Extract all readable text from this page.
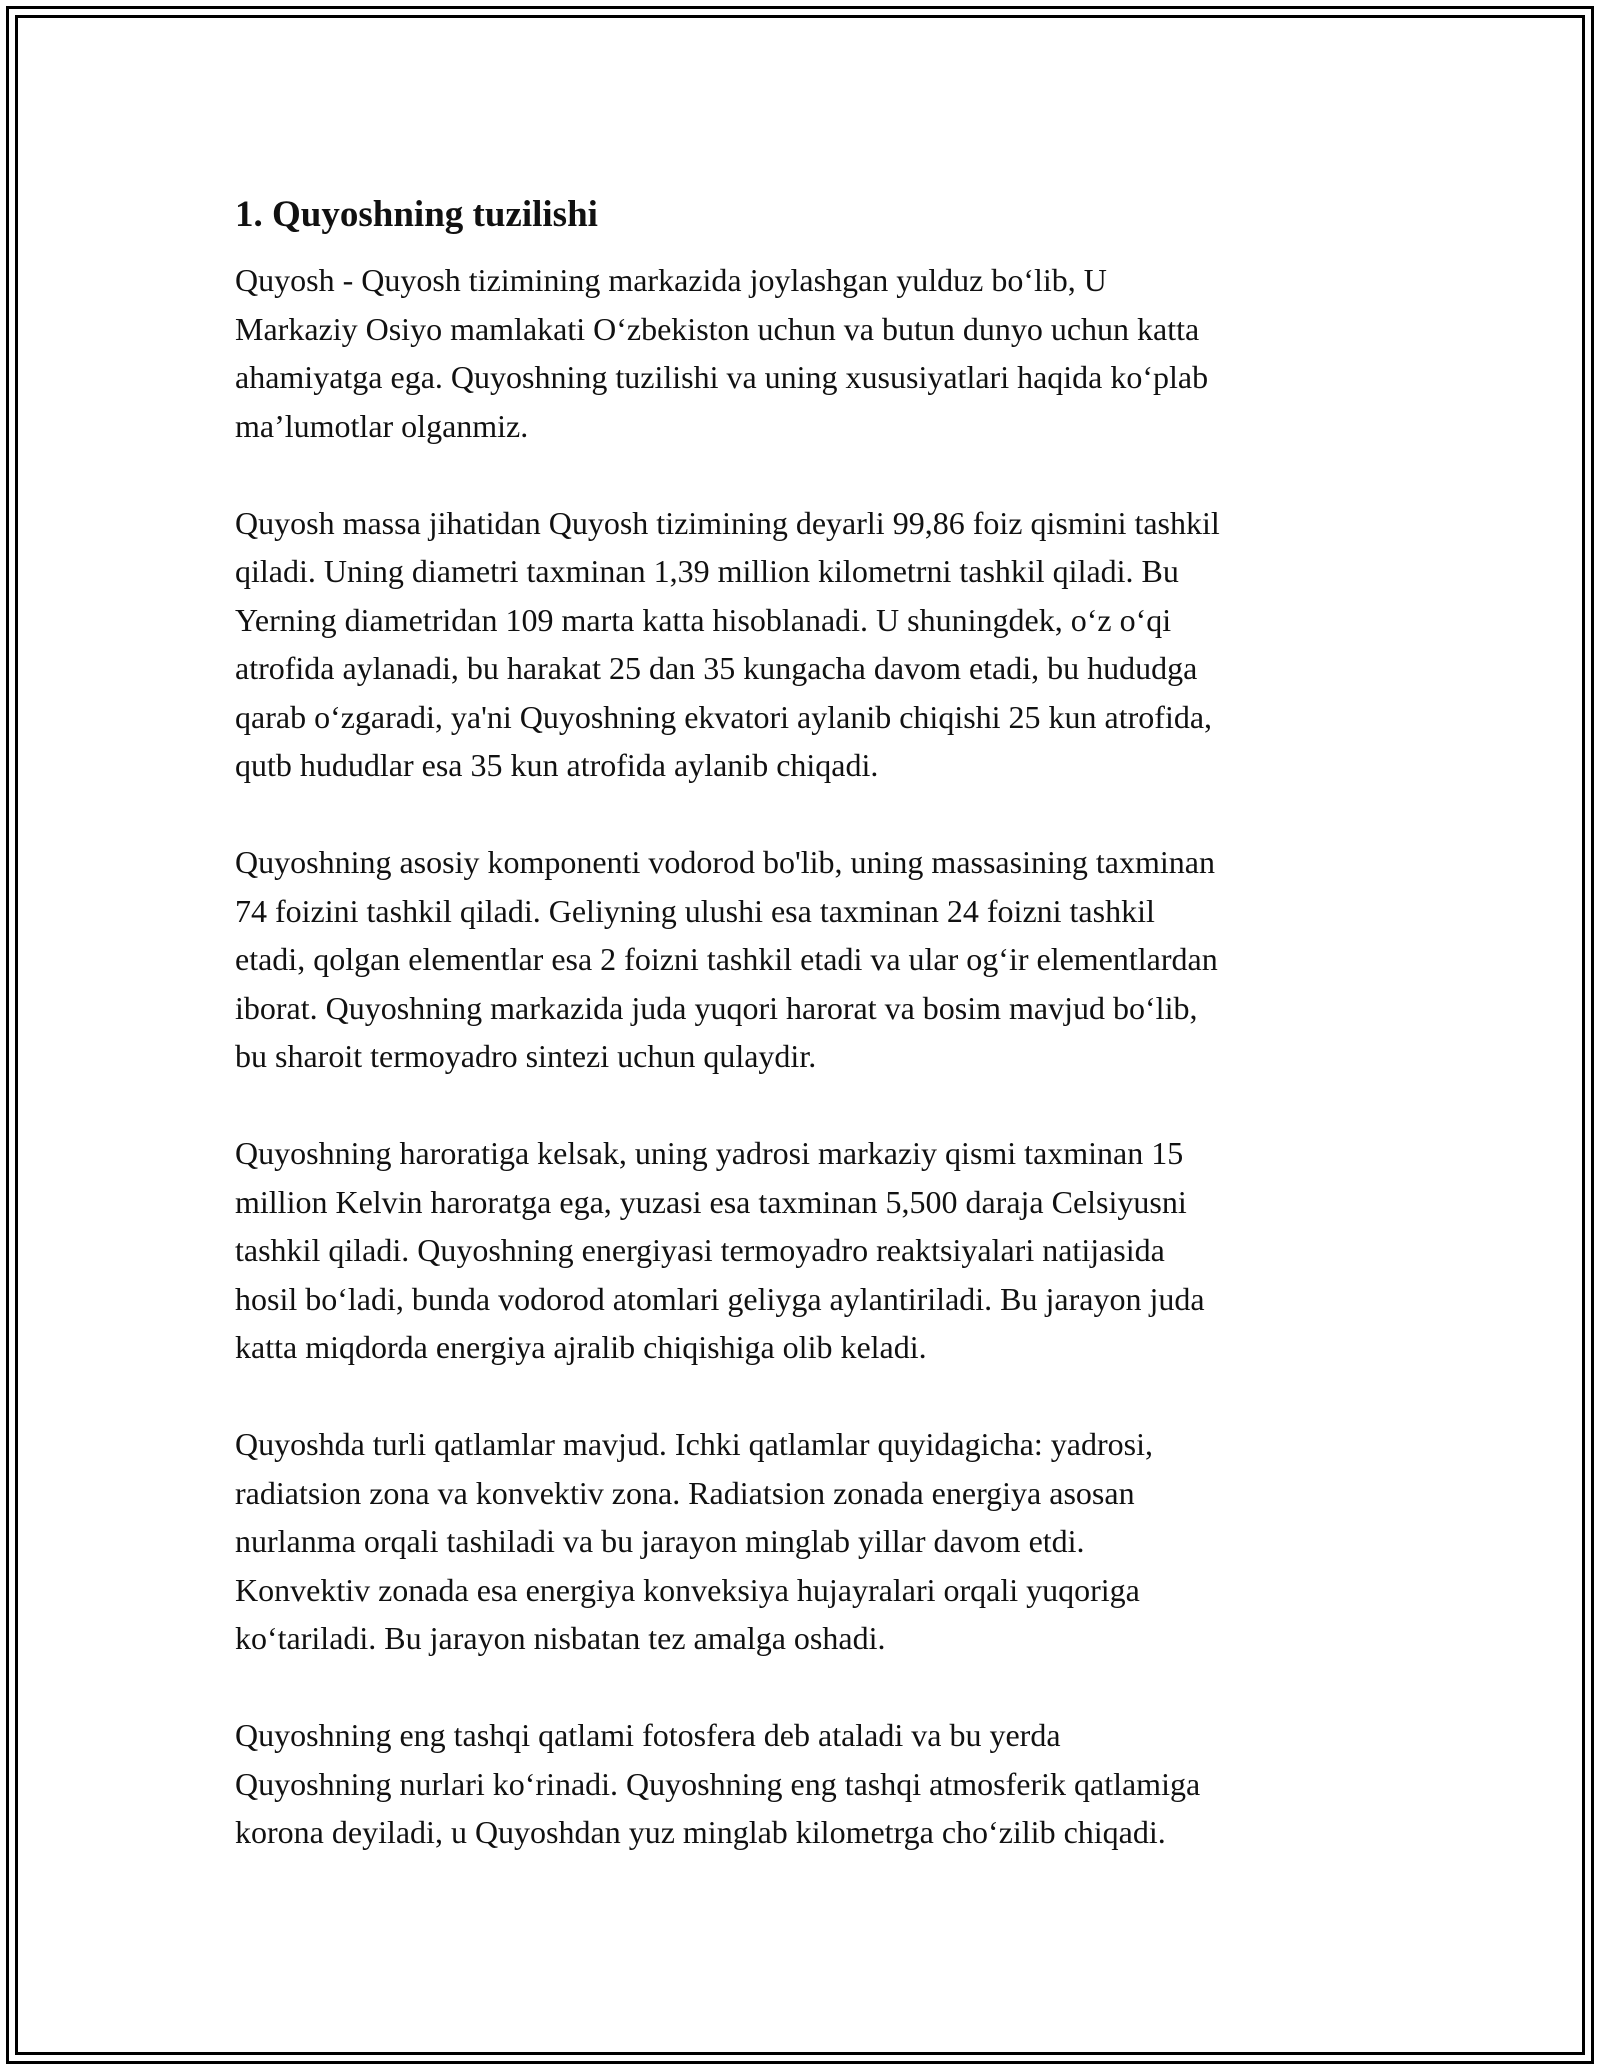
1. Quyoshning tuzilishi

Quyosh - Quyosh tizimining markazida joylashgan yulduz bo‘lib, U
Markaziy Osiyo mamlakati O‘zbekiston uchun va butun dunyo uchun katta
ahamiyatga ega. Quyoshning tuzilishi va uning xususiyatlari haqida ko‘plab
ma’lumotlar olganmiz.

Quyosh massa jihatidan Quyosh tizimining deyarli 99,86 foiz qismini tashkil
qiladi. Uning diametri taxminan 1,39 million kilometrni tashkil qiladi. Bu
Yerning diametridan 109 marta katta hisoblanadi. U shuningdek, o‘z o‘qi
atrofida aylanadi, bu harakat 25 dan 35 kungacha davom etadi, bu hududga
qarab o‘zgaradi, ya'ni Quyoshning ekvatori aylanib chiqishi 25 kun atrofida,
qutb hududlar esa 35 kun atrofida aylanib chiqadi.

Quyoshning asosiy komponenti vodorod bo'lib, uning massasining taxminan
74 foizini tashkil qiladi. Geliyning ulushi esa taxminan 24 foizni tashkil
etadi, qolgan elementlar esa 2 foizni tashkil etadi va ular og‘ir elementlardan
iborat. Quyoshning markazida juda yuqori harorat va bosim mavjud bo‘lib,
bu sharoit termoyadro sintezi uchun qulaydir.

Quyoshning haroratiga kelsak, uning yadrosi markaziy qismi taxminan 15
million Kelvin haroratga ega, yuzasi esa taxminan 5,500 daraja Celsiyusni
tashkil qiladi. Quyoshning energiyasi termoyadro reaktsiyalari natijasida
hosil bo‘ladi, bunda vodorod atomlari geliyga aylantiriladi. Bu jarayon juda
katta miqdorda energiya ajralib chiqishiga olib keladi.

Quyoshda turli qatlamlar mavjud. Ichki qatlamlar quyidagicha: yadrosi,
radiatsion zona va konvektiv zona. Radiatsion zonada energiya asosan
nurlanma orqali tashiladi va bu jarayon minglab yillar davom etdi.
Konvektiv zonada esa energiya konveksiya hujayralari orqali yuqoriga
ko‘tariladi. Bu jarayon nisbatan tez amalga oshadi.

Quyoshning eng tashqi qatlami fotosfera deb ataladi va bu yerda
Quyoshning nurlari ko‘rinadi. Quyoshning eng tashqi atmosferik qatlamiga
korona deyiladi, u Quyoshdan yuz minglab kilometrga cho‘zilib chiqadi.
